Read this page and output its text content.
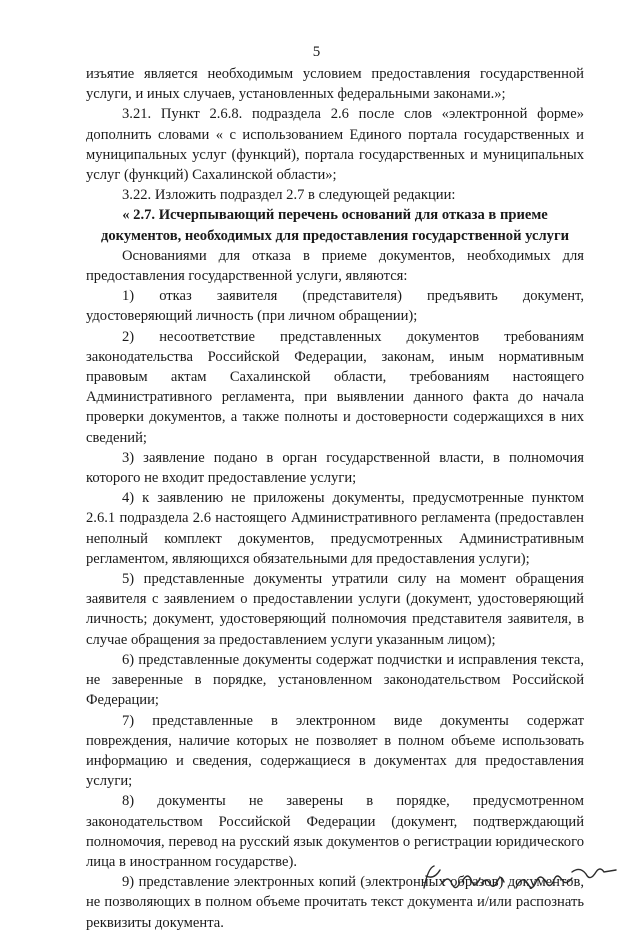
5

изъятие является необходимым условием предоставления государственной услуги, и иных случаев, установленных федеральными законами.»;

3.21. Пункт 2.6.8. подраздела 2.6 после слов «электронной форме» дополнить словами « с использованием Единого портала государственных и муниципальных услуг (функций), портала государственных и муниципальных услуг (функций) Сахалинской области»;

3.22. Изложить подраздел 2.7 в следующей редакции:

« 2.7. Исчерпывающий перечень оснований для отказа в приеме документов, необходимых для предоставления государственной услуги

Основаниями для отказа в приеме документов, необходимых для предоставления государственной услуги, являются:

1) отказ заявителя (представителя) предъявить документ, удостоверяющий личность (при личном обращении);

2) несоответствие представленных документов требованиям законодательства Российской Федерации, законам, иным нормативным правовым актам Сахалинской области, требованиям настоящего Административного регламента, при выявлении данного факта до начала проверки документов, а также полноты и достоверности содержащихся в них сведений;

3) заявление подано в орган государственной власти, в полномочия которого не входит предоставление услуги;

4) к заявлению не приложены документы, предусмотренные пунктом 2.6.1 подраздела 2.6 настоящего Административного регламента (предоставлен неполный комплект документов, предусмотренных Административным регламентом, являющихся обязательными для предоставления услуги);

5) представленные документы утратили силу на момент обращения заявителя с заявлением о предоставлении услуги (документ, удостоверяющий личность; документ, удостоверяющий полномочия представителя заявителя, в случае обращения за предоставлением услуги указанным лицом);

6) представленные документы содержат подчистки и исправления текста, не заверенные в порядке, установленном законодательством Российской Федерации;

7) представленные в электронном виде документы содержат повреждения, наличие которых не позволяет в полном объеме использовать информацию и сведения, содержащиеся в документах для предоставления услуги;

8) документы не заверены в порядке, предусмотренном законодательством Российской Федерации (документ, подтверждающий полномочия, перевод на русский язык документов о регистрации юридического лица в иностранном государстве).

9) представление электронных копий (электронных образов) документов, не позволяющих в полном объеме прочитать текст документа и/или распознать реквизиты документа.
